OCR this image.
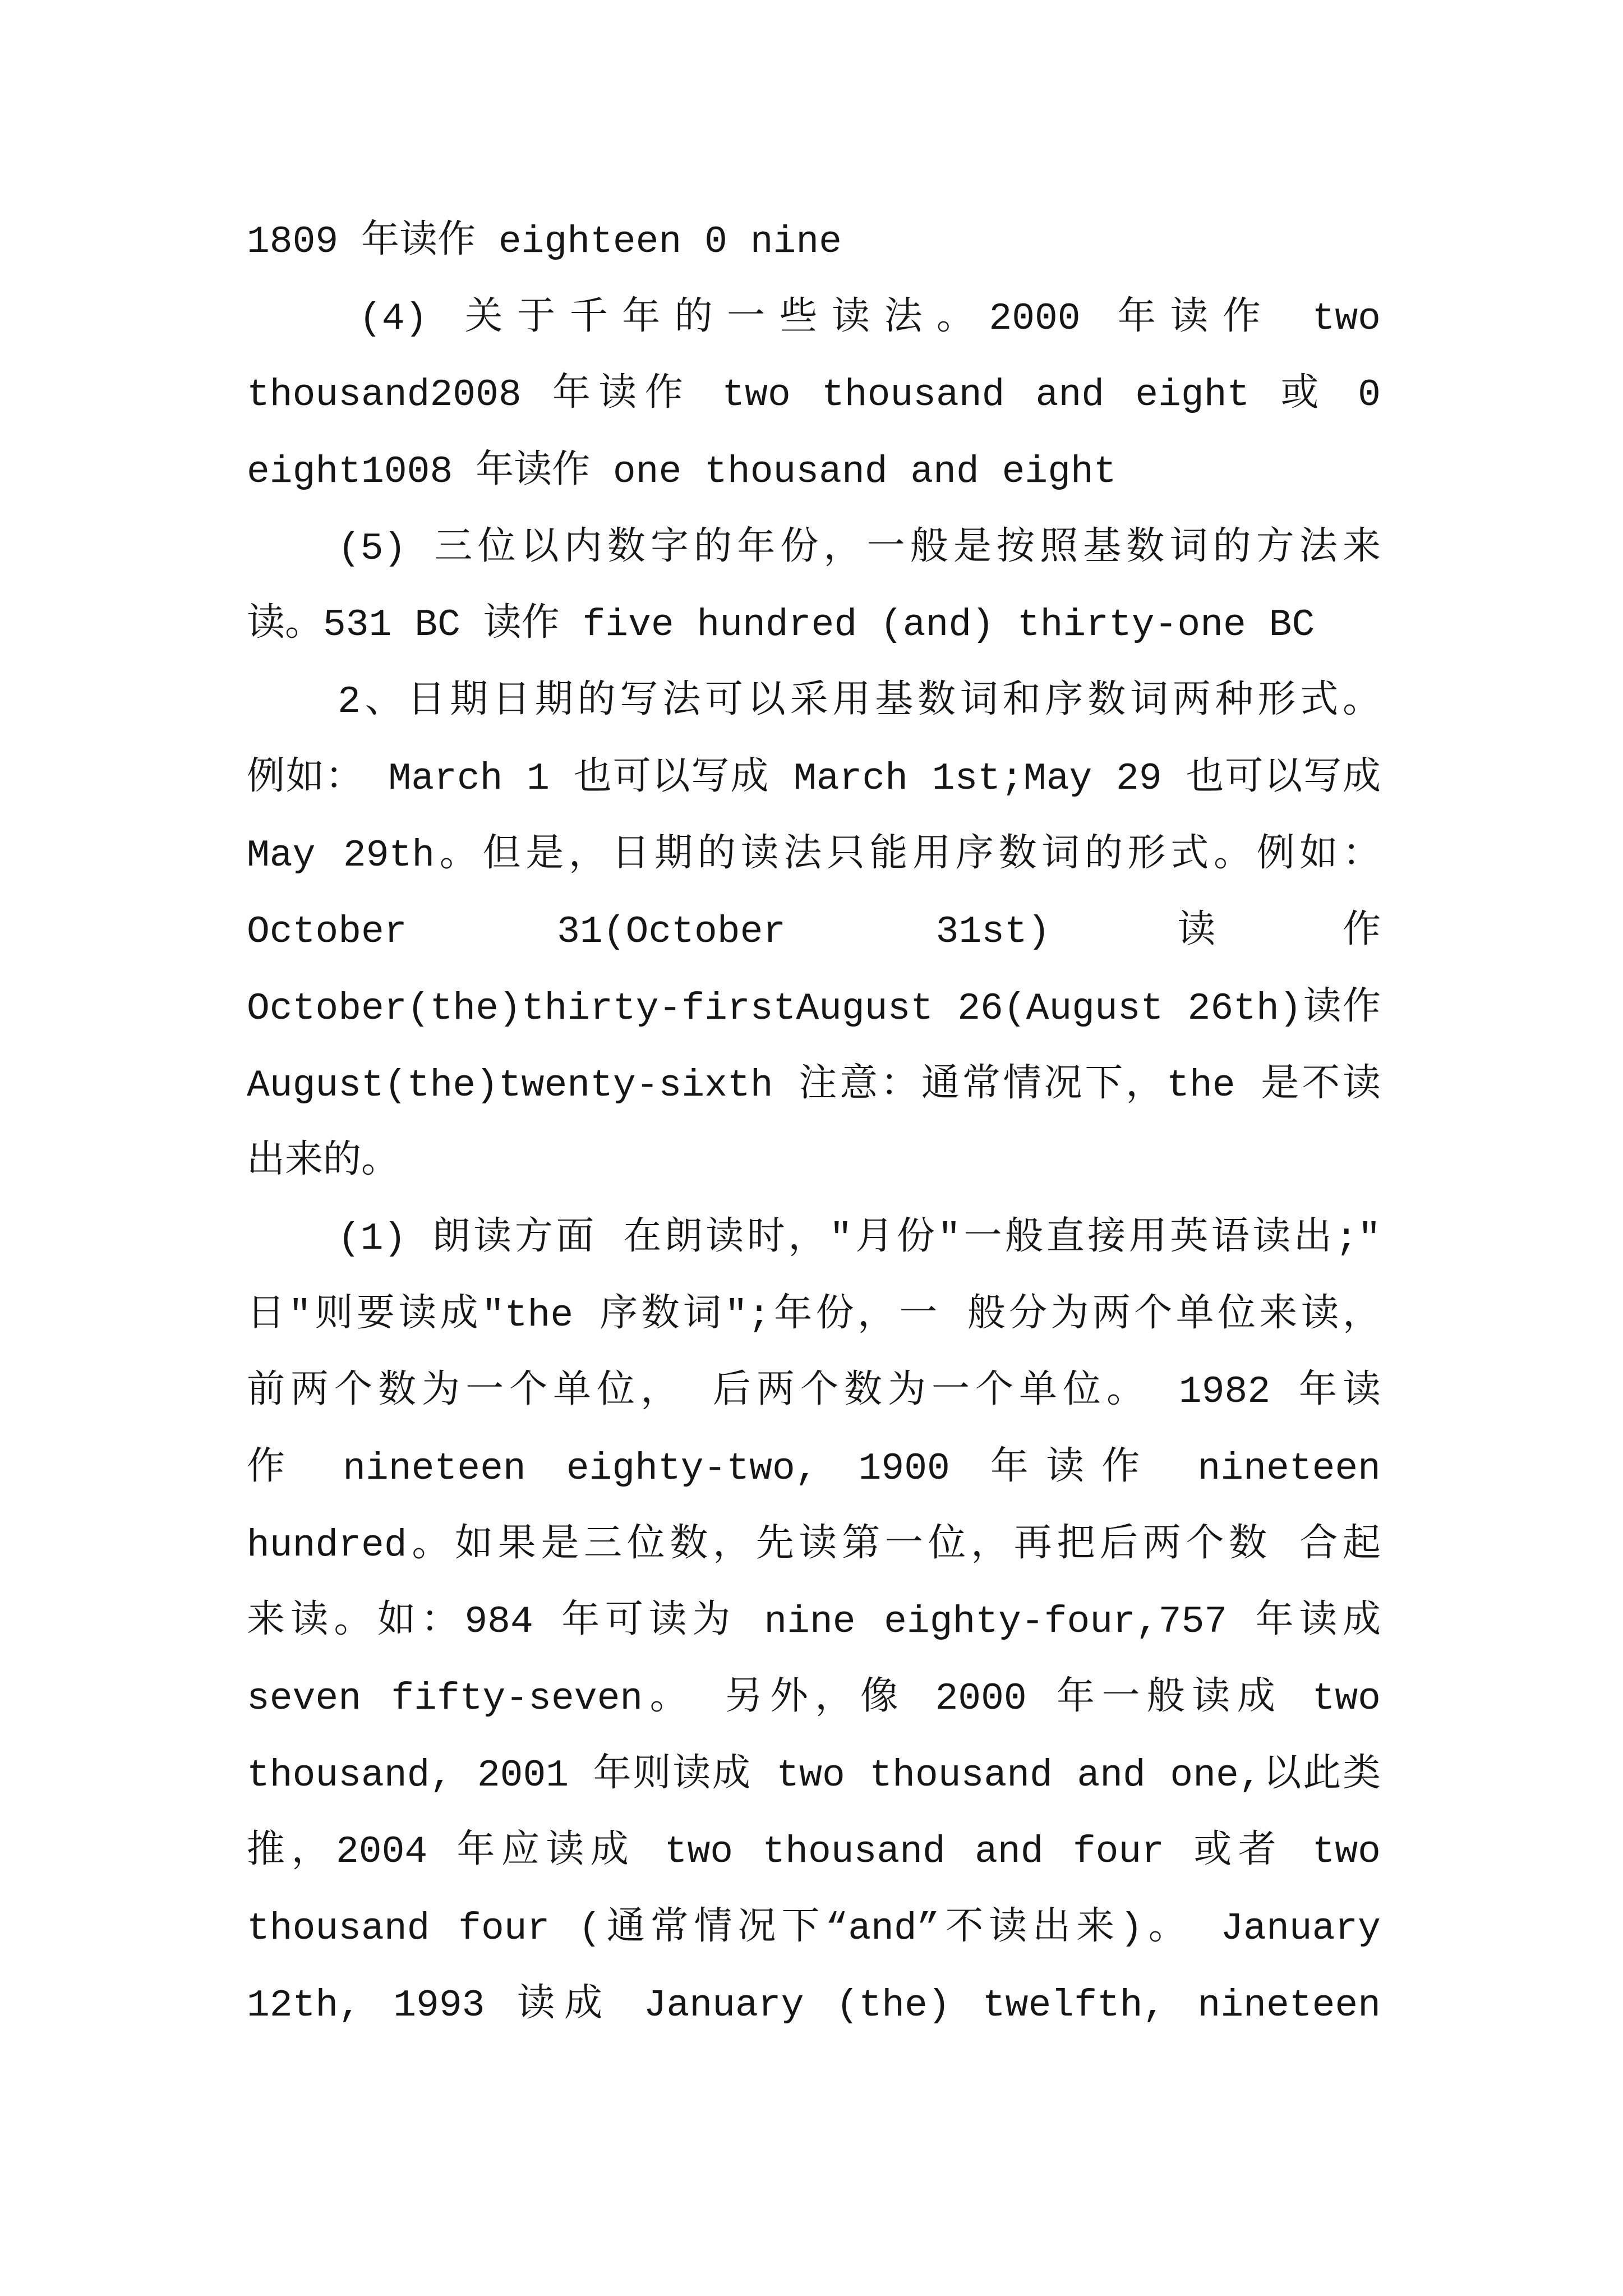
1809 年读作 eighteen 0 nine
(4) 关于千年的一些读法。2000 年读作 two
thousand2008 年读作 two thousand and eight 或 0
eight1008 年读作 one thousand and eight
(5) 三位以内数字的年份，一般是按照基数词的方法来
读。531 BC 读作 five hundred (and) thirty-one BC
2、日期日期的写法可以采用基数词和序数词两种形式。
例如： March 1 也可以写成 March 1st;May 29 也可以写成
May 29th。但是，日期的读法只能用序数词的形式。例如：
October 31(October 31st)读作
October(the)thirty-firstAugust 26(August 26th)读作
August(the)twenty-sixth 注意：通常情况下，the 是不读
出来的。
(1) 朗读方面 在朗读时，"月份"一般直接用英语读出;"
日"则要读成"the 序数词";年份，一 般分为两个单位来读，
前两个数为一个单位， 后两个数为一个单位。 1982 年读
作 nineteen eighty-two, 1900 年读作 nineteen
hundred。如果是三位数，先读第一位，再把后两个数 合起
来读。如：984 年可读为 nine eighty-four,757 年读成
seven fifty-seven。 另外，像 2000 年一般读成 two
thousand, 2001 年则读成 two thousand and one,以此类
推，2004 年应读成 two thousand and four 或者 two
thousand four (通常情况下“and”不读出来)。 January
12th, 1993 读成 January (the) twelfth, nineteen
